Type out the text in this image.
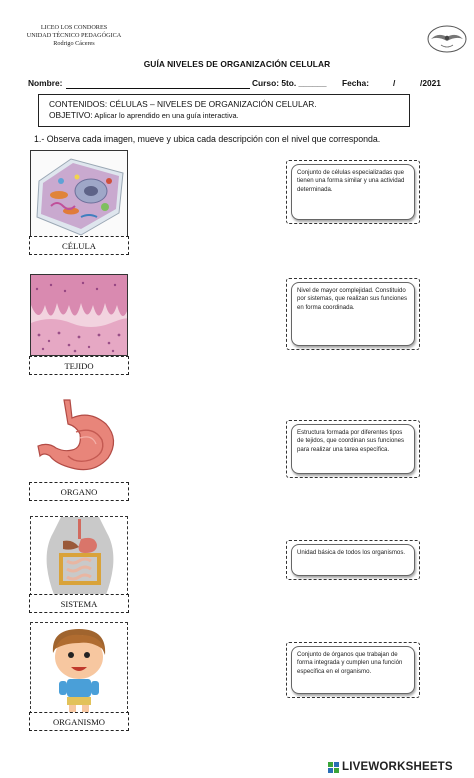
LICEO LOS CONDORES
UNIDAD TÉCNICO PEDAGÓGICA
Rodrigo Cáceres
GUÍA NIVELES DE ORGANIZACIÓN CELULAR
Nombre:	Curso: 5to. ______ Fecha:	/	/2021
CONTENIDOS: CÉLULAS – NIVELES DE ORGANIZACIÓN CELULAR.
OBJETIVO: Aplicar lo aprendido en una guía interactiva.
1.- Observa cada imagen, mueve y ubica cada descripción con el nivel que corresponda.
CÉLULA
TEJIDO
ORGANO
SISTEMA
ORGANISMO
Conjunto de células especializadas que tienen una forma similar y una actividad determinada.
Nivel de mayor complejidad. Constituido por sistemas, que realizan sus funciones en forma coordinada.
Estructura formada por diferentes tipos de tejidos, que coordinan sus funciones para realizar una tarea específica.
Unidad básica de todos los organismos.
Conjunto de órganos que trabajan de forma integrada y cumplen una función específica en el organismo.
LIVEWORKSHEETS
